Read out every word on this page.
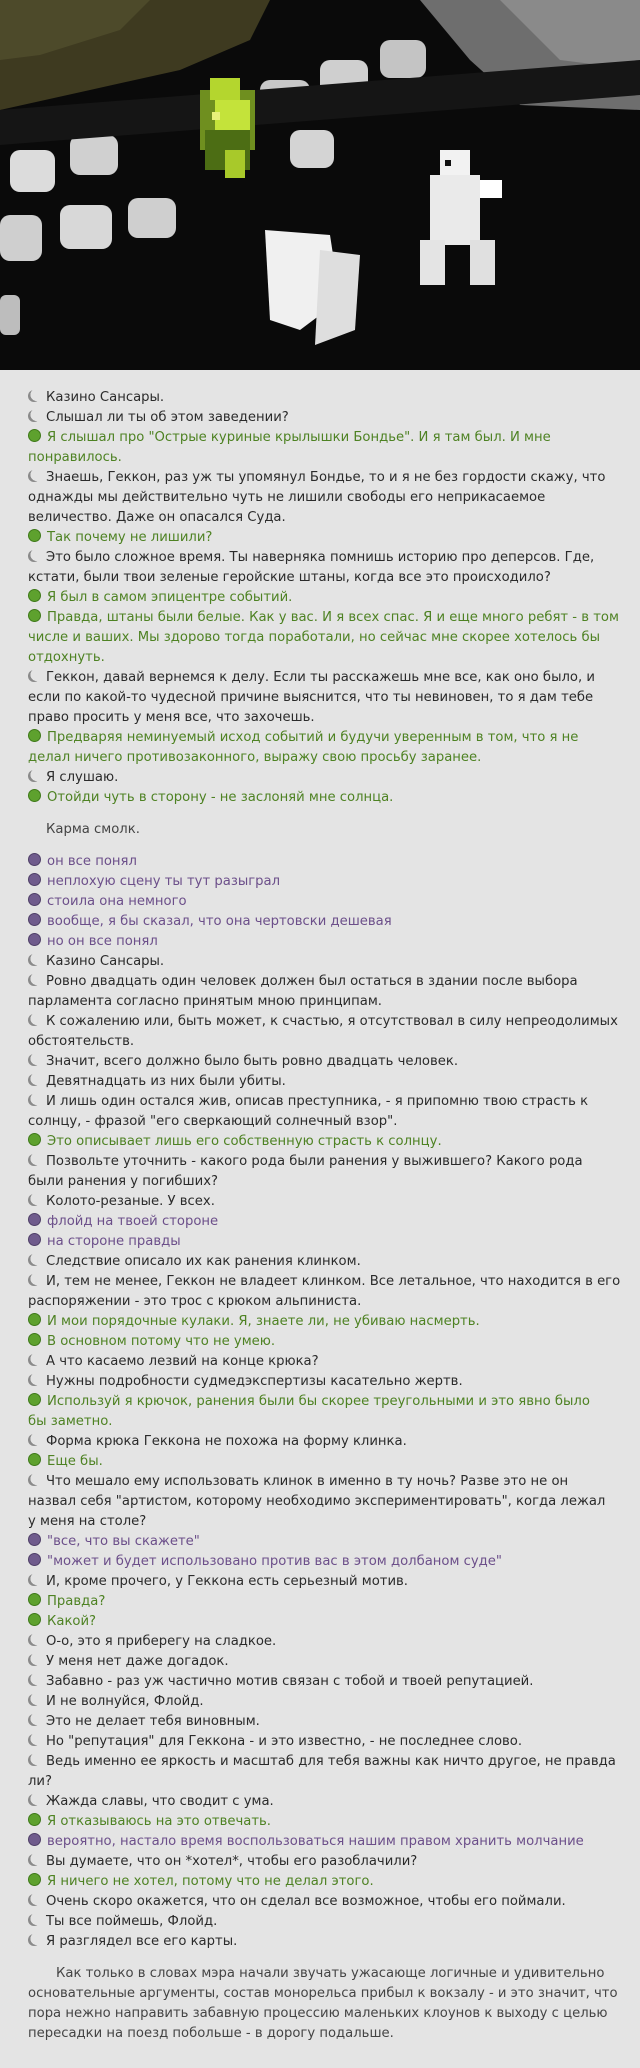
Казино Сансары.
Слышал ли ты об этом заведении?
Я слышал про "Острые куриные крылышки Бондье". И я там был. И мне
понравилось.
Знаешь, Геккон, раз уж ты упомянул Бондье, то и я не без гордости скажу, что
однажды мы действительно чуть не лишили свободы его неприкасаемое
величество. Даже он опасался Суда.
Так почему не лишили?
Это было сложное время. Ты наверняка помнишь историю про деперсов. Где,
кстати, были твои зеленые геройские штаны, когда все это происходило?
Я был в самом эпицентре событий.
Правда, штаны были белые. Как у вас. И я всех спас. Я и еще много ребят - в том
числе и ваших. Мы здорово тогда поработали, но сейчас мне скорее хотелось бы
отдохнуть.
Геккон, давай вернемся к делу. Если ты расскажешь мне все, как оно было, и
если по какой-то чудесной причине выяснится, что ты невиновен, то я дам тебе
право просить у меня все, что захочешь.
Предваряя неминуемый исход событий и будучи уверенным в том, что я не
делал ничего противозаконного, выражу свою просьбу заранее.
Я слушаю.
Отойди чуть в сторону - не заслоняй мне солнца.
Карма смолк.
он все понял
неплохую сцену ты тут разыграл
стоила она немного
вообще, я бы сказал, что она чертовски дешевая
но он все понял
Казино Сансары.
Ровно двадцать один человек должен был остаться в здании после выбора
парламента согласно принятым мною принципам.
К сожалению или, быть может, к счастью, я отсутствовал в силу непреодолимых
обстоятельств.
Значит, всего должно было быть ровно двадцать человек.
Девятнадцать из них были убиты.
И лишь один остался жив, описав преступника, - я припомню твою страсть к
солнцу, - фразой "его сверкающий солнечный взор".
Это описывает лишь его собственную страсть к солнцу.
Позвольте уточнить - какого рода были ранения у выжившего? Какого рода
были ранения у погибших?
Колото-резаные. У всех.
флойд на твоей стороне
на стороне правды
Следствие описало их как ранения клинком.
И, тем не менее, Геккон не владеет клинком. Все летальное, что находится в его
распоряжении - это трос с крюком альпиниста.
И мои порядочные кулаки. Я, знаете ли, не убиваю насмерть.
В основном потому что не умею.
А что касаемо лезвий на конце крюка?
Нужны подробности судмедэкспертизы касательно жертв.
Используй я крючок, ранения были бы скорее треугольными и это явно было
бы заметно.
Форма крюка Геккона не похожа на форму клинка.
Еще бы.
Что мешало ему использовать клинок в именно в ту ночь? Разве это не он
назвал себя "артистом, которому необходимо экспериментировать", когда лежал
у меня на столе?
"все, что вы скажете"
"может и будет использовано против вас в этом долбаном суде"
И, кроме прочего, у Геккона есть серьезный мотив.
Правда?
Какой?
О-о, это я приберегу на сладкое.
У меня нет даже догадок.
Забавно - раз уж частично мотив связан с тобой и твоей репутацией.
И не волнуйся, Флойд.
Это не делает тебя виновным.
Но "репутация" для Геккона - и это известно, - не последнее слово.
Ведь именно ее яркость и масштаб для тебя важны как ничто другое, не правда
ли?
Жажда славы, что сводит с ума.
Я отказываюсь на это отвечать.
вероятно, настало время воспользоваться нашим правом хранить молчание
Вы думаете, что он *хотел*, чтобы его разоблачили?
Я ничего не хотел, потому что не делал этого.
Очень скоро окажется, что он сделал все возможное, чтобы его поймали.
Ты все поймешь, Флойд.
Я разглядел все его карты.
Как только в словах мэра начали звучать ужасающе логичные и удивительно
основательные аргументы, состав монорельса прибыл к вокзалу - и это значит, что
пора нежно направить забавную процессию маленьких клоунов к выходу с целью
пересадки на поезд побольше - в дорогу подальше.
